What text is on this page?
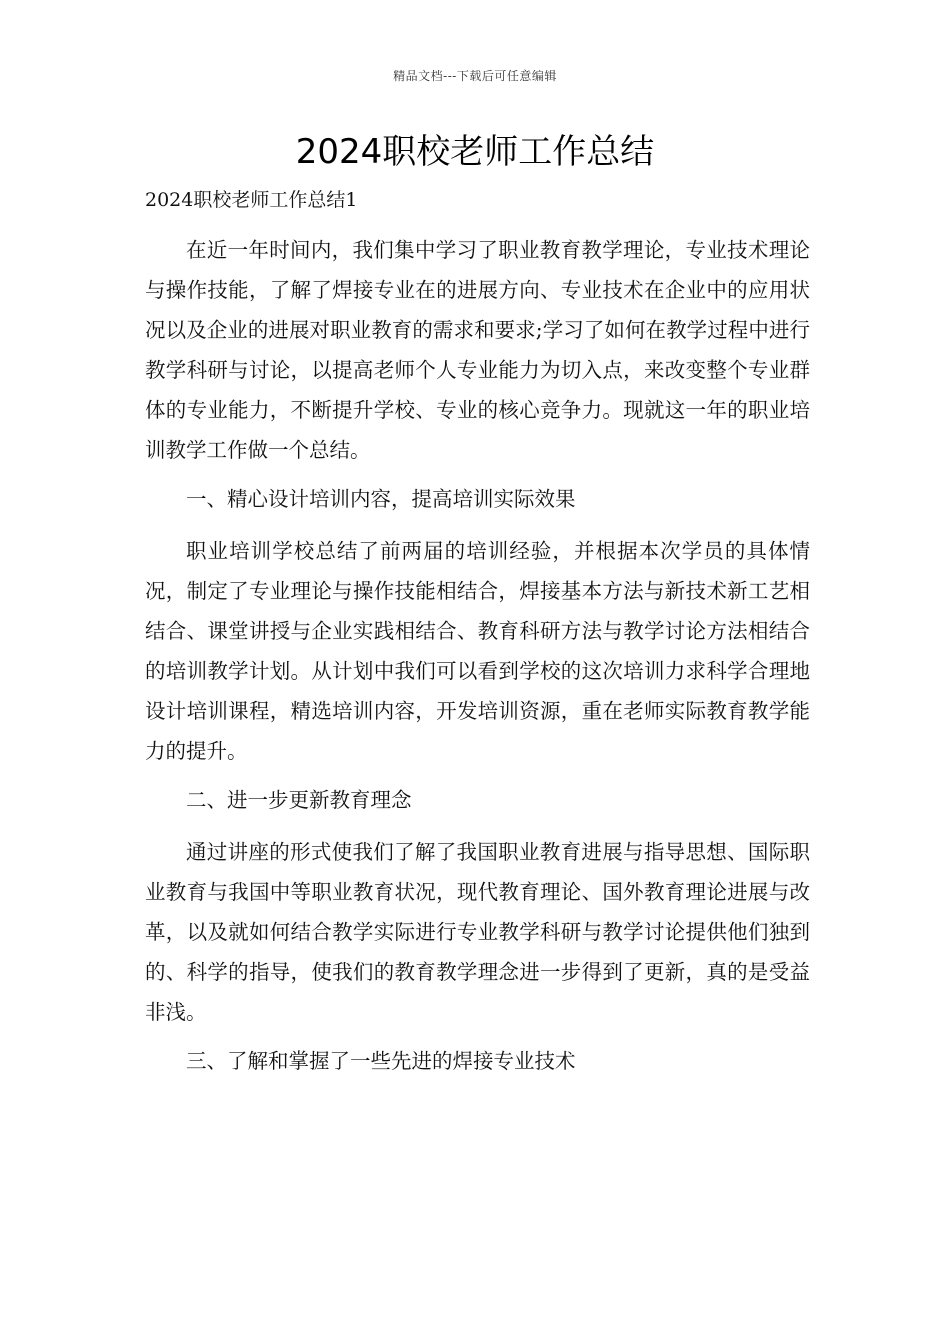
精品文档---下载后可任意编辑
2024职校老师工作总结
2024职校老师工作总结1

在近一年时间内，我们集中学习了职业教育教学理论，专业技术理论与操作技能，了解了焊接专业在的进展方向、专业技术在企业中的应用状况以及企业的进展对职业教育的需求和要求;学习了如何在教学过程中进行教学科研与讨论，以提高老师个人专业能力为切入点，来改变整个专业群体的专业能力，不断提升学校、专业的核心竞争力。现就这一年的职业培训教学工作做一个总结。

一、精心设计培训内容，提高培训实际效果

职业培训学校总结了前两届的培训经验，并根据本次学员的具体情况，制定了专业理论与操作技能相结合，焊接基本方法与新技术新工艺相结合、课堂讲授与企业实践相结合、教育科研方法与教学讨论方法相结合的培训教学计划。从计划中我们可以看到学校的这次培训力求科学合理地设计培训课程，精选培训内容，开发培训资源，重在老师实际教育教学能力的提升。

二、进一步更新教育理念

通过讲座的形式使我们了解了我国职业教育进展与指导思想、国际职业教育与我国中等职业教育状况，现代教育理论、国外教育理论进展与改革，以及就如何结合教学实际进行专业教学科研与教学讨论提供他们独到的、科学的指导，使我们的教育教学理念进一步得到了更新，真的是受益非浅。

三、了解和掌握了一些先进的焊接专业技术
